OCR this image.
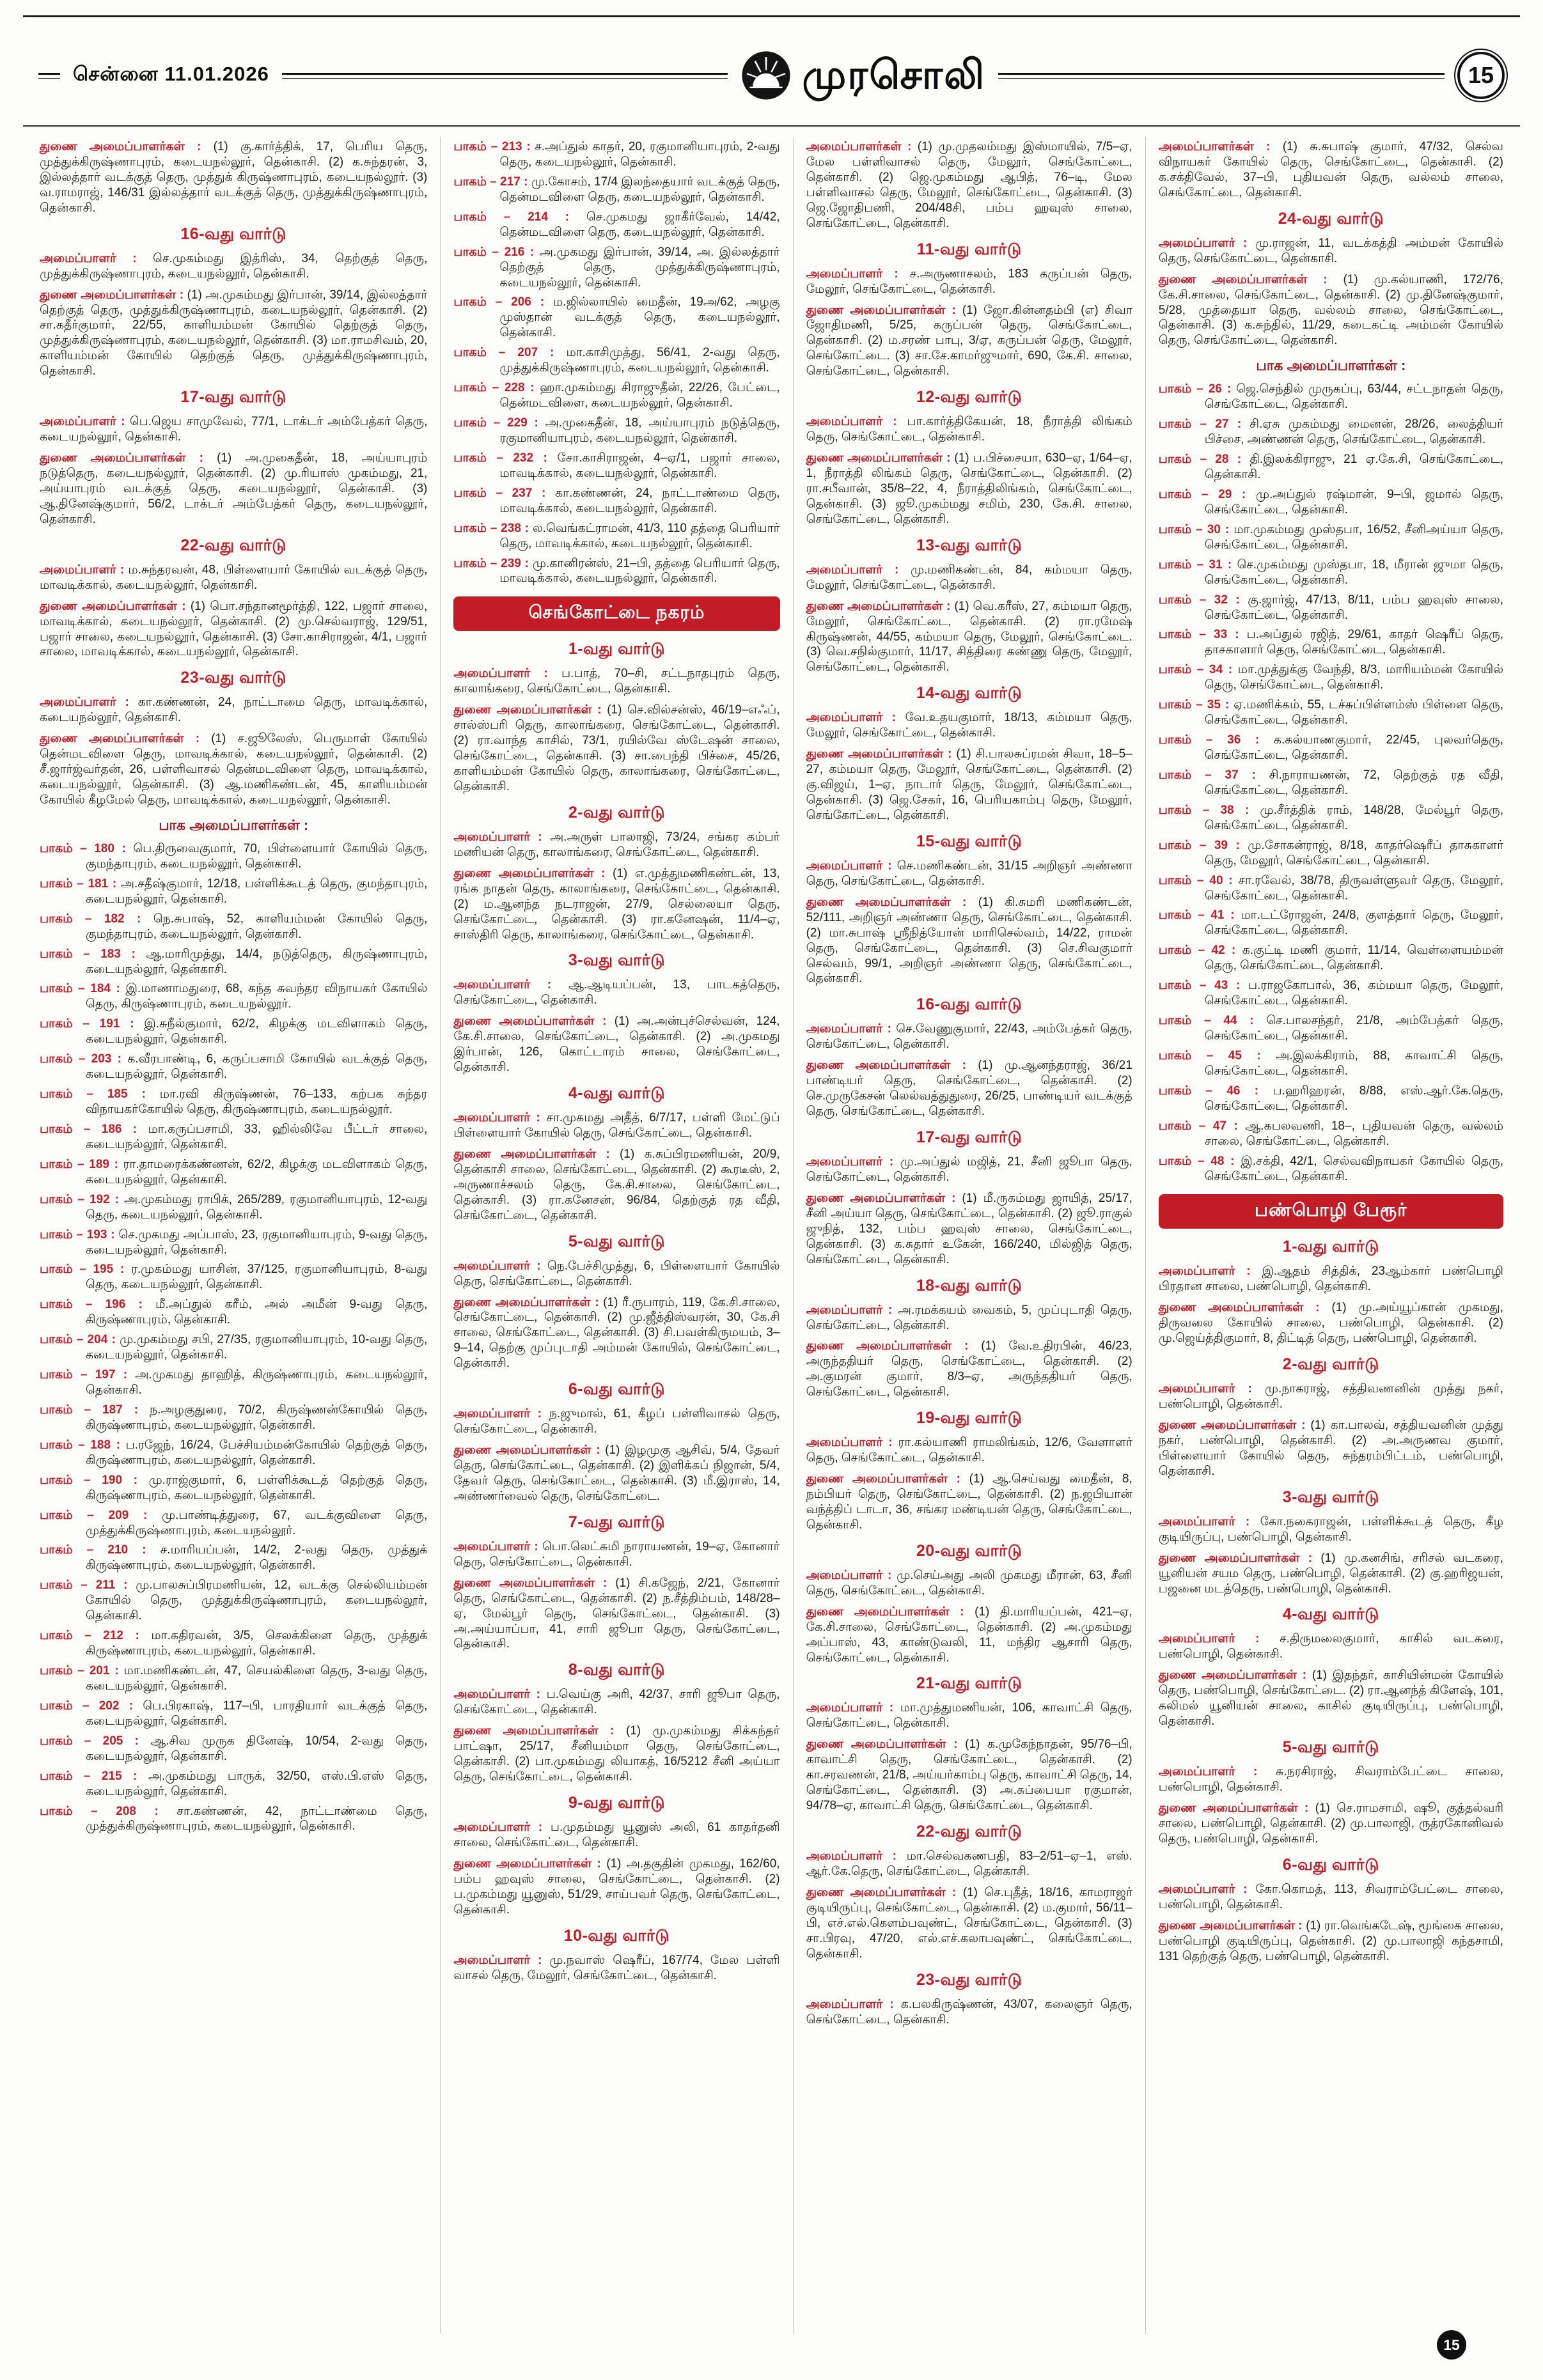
சென்னை 11.01.2026	முரசொலி	15

துணை அமைப்பாளர்கள் : (1) கு.கார்த்திக், 17, பெரிய தெரு, முத்துக்கிருஷ்ணாபுரம், கடையநல்லூர், தென்காசி. (2) க.சுந்தரன், 3, இல்லத்தார் வடக்குத் தெரு, முத்துக் கிருஷ்ணாபுரம், கடையநல்லூர். (3) வ.ராமராஜ், 146/31 இல்லத்தார் வடக்குத் தெரு, முத்துக்கிருஷ்ணாபுரம், தென்காசி.

16-வது வார்டு

அமைப்பாளர் : செ.முகம்மது இத்ரிஸ், 34, தெற்குத் தெரு, முத்துக்கிருஷ்ணாபுரம், கடையநல்லூர், தென்காசி.

துணை அமைப்பாளர்கள் : (1) அ.முகம்மது இர்பான், 39/14, இல்லத்தார் தெற்குத் தெரு, முத்துக்கிருஷ்ணாபுரம், கடையநல்லூர், தென்காசி. (2) சா.கதீர்குமார், 22/55, காளியம்மன் கோயில் தெற்குத் தெரு, முத்துக்கிருஷ்ணாபுரம், கடையநல்லூர், தென்காசி. (3) மா.ராமசிவம், 20, காளியம்மன் கோயில் தெற்குத் தெரு, முத்துக்கிருஷ்ணாபுரம், தென்காசி.

17-வது வார்டு

அமைப்பாளர் : பெ.ஜெய சாமுவேல், 77/1, டாக்டர் அம்பேத்கர் தெரு, கடையநல்லூர், தென்காசி.

துணை அமைப்பாளர்கள் : (1) அ.முகைதீன், 18, அய்யாபுரம் நடுத்தெரு, கடையநல்லூர், தென்காசி. (2) மு.ரியாஸ் முகம்மது, 21, அய்யாபுரம் வடக்குத் தெரு, கடையநல்லூர், தென்காசி. (3) ஆ.தினேஷ்குமார், 56/2, டாக்டர் அம்பேத்கர் தெரு, கடையநல்லூர், தென்காசி.

22-வது வார்டு

அமைப்பாளர் : ம.சுந்தரவன், 48, பிள்ளையார் கோயில் வடக்குத் தெரு, மாவடிக்கால், கடையநல்லூர், தென்காசி.

துணை அமைப்பாளர்கள் : (1) பொ.சந்தானமூர்த்தி, 122, பஜார் சாலை, மாவடிக்கால், கடையநல்லூர், தென்காசி. (2) மு.செல்வராஜ், 129/51, பஜார் சாலை, கடையநல்லூர், தென்காசி. (3) சோ.காசிராஜன், 4/1, பஜார் சாலை, மாவடிக்கால், கடையநல்லூர், தென்காசி.

23-வது வார்டு

அமைப்பாளர் : கா.கண்ணன், 24, நாட்டாமை தெரு, மாவடிக்கால், கடையநல்லூர், தென்காசி.

துணை அமைப்பாளர்கள் : (1) ச.ஜூலேஸ், பெருமாள் கோயில் தென்மடவிளை தெரு, மாவடிக்கால், கடையநல்லூர், தென்காசி. (2) சீ.ஜார்ஜ்வர்தன், 26, பள்ளிவாசல் தென்மடவிளை தெரு, மாவடிக்கால், கடையநல்லூர், தென்காசி. (3) ஆ.மணிகண்டன், 45, காளியம்மன் கோயில் கீழமேல் தெரு, மாவடிக்கால், கடையநல்லூர், தென்காசி.

பாக அமைப்பாளர்கள் :

பாகம் – 180 : பெ.திருவைகுமார், 70, பிள்ளையார் கோயில் தெரு, குமந்தாபுரம், கடையநல்லூர், தென்காசி.

பாகம் – 181 : அ.சதீஷ்குமார், 12/18, பள்ளிக்கூடத் தெரு, குமந்தாபுரம், கடையநல்லூர், தென்காசி.

பாகம் – 182 : நெ.சுபாஷ், 52, காளியம்மன் கோயில் தெரு, குமந்தாபுரம், கடையநல்லூர், தென்காசி.

பாகம் – 183 : ஆ.மாரிமுத்து, 14/4, நடுத்தெரு, கிருஷ்ணாபுரம், கடையநல்லூர், தென்காசி.

பாகம் – 184 : இ.மாணாமதுரை, 68, கந்த சுவந்தர விநாயகர் கோயில் தெரு, கிருஷ்ணாபுரம், கடையநல்லூர்.

பாகம் – 191 : இ.சுநீல்குமார், 62/2, கிழக்கு மடவிளாகம் தெரு, கடையநல்லூர், தென்காசி.

பாகம் – 203 : க.வீரபாண்டி, 6, கருப்பசாமி கோயில் வடக்குத் தெரு, கடையநல்லூர், தென்காசி.

பாகம் – 185 : மா.ரவி கிருஷ்ணன், 76–133, கற்பக சுந்தர விநாயகர்கோயில் தெரு, கிருஷ்ணாபுரம், கடையநல்லூர்.

பாகம் – 186 : மா.கருப்பசாமி, 33, ஹில்லிவே பீட்டர் சாலை, கடையநல்லூர், தென்காசி.

பாகம் – 189 : ரா.தாமரைக்கண்ணன், 62/2, கிழக்கு மடவிளாகம் தெரு, கடையநல்லூர், தென்காசி.

பாகம் – 192 : அ.முகம்மது ராபிக், 265/289, ரகுமானியாபுரம், 12-வது தெரு, கடையநல்லூர், தென்காசி.

பாகம் – 193 : செ.முகமது அப்பாஸ், 23, ரகுமானியாபுரம், 9-வது தெரு, கடையநல்லூர், தென்காசி.

பாகம் – 195 : ர.முகம்மது யாசின், 37/125, ரகுமானியாபுரம், 8-வது தெரு, கடையநல்லூர், தென்காசி.

பாகம் – 196 : மீ.அப்துல் கரீம், அல் அமீன் 9-வது தெரு, கிருஷ்ணாபுரம், தென்காசி.

பாகம் – 204 : மு.முகம்மது சபி, 27/35, ரகுமானியாபுரம், 10-வது தெரு, கடையநல்லூர், தென்காசி.

பாகம் – 197 : அ.முகமது தாஹித், கிருஷ்ணாபுரம், கடையநல்லூர், தென்காசி.

பாகம் – 187 : ந.அழகுதுரை, 70/2, கிருஷ்ணன்கோயில் தெரு, கிருஷ்ணாபுரம், கடையநல்லூர், தென்காசி.

பாகம் – 188 : ப.ரஜேந், 16/24, பேச்சியம்மன்கோயில் தெற்குத் தெரு, கிருஷ்ணாபுரம், கடையநல்லூர், தென்காசி.

பாகம் – 190 : மு.ராஜ்குமார், 6, பள்ளிக்கூடத் தெற்குத் தெரு, கிருஷ்ணாபுரம், கடையநல்லூர், தென்காசி.

பாகம் – 209 : மு.பாண்டித்துரை, 67, வடக்குவிளை தெரு, முத்துக்கிருஷ்ணாபுரம், கடையநல்லூர்.

பாகம் – 210 : ச.மாரியப்பன், 14/2, 2-வது தெரு, முத்துக் கிருஷ்ணாபுரம், கடையநல்லூர், தென்காசி.

பாகம் – 211 : மு.பாலசுப்பிரமணியன், 12, வடக்கு செல்லியம்மன் கோயில் தெரு, முத்துக்கிருஷ்ணாபுரம், கடையநல்லூர், தென்காசி.

பாகம் – 212 : மா.கதிரவன், 3/5, செலக்கிளை தெரு, முத்துக் கிருஷ்ணாபுரம், கடையநல்லூர், தென்காசி.

பாகம் – 201 : மா.மணிகண்டன், 47, செயல்கிளை தெரு, 3-வது தெரு, கடையநல்லூர், தென்காசி.

பாகம் – 202 : பெ.பிரகாஷ், 117–பி, பாரதியார் வடக்குத் தெரு, கடையநல்லூர், தென்காசி.

பாகம் – 205 : ஆ.சிவ முருக தினேஷ், 10/54, 2-வது தெரு, கடையநல்லூர், தென்காசி.

பாகம் – 215 : அ.முகம்மது பாருக், 32/50, எஸ்.பி.எஸ் தெரு, கடையநல்லூர், தென்காசி.

பாகம் – 208 : சா.கண்ணன், 42, நாட்டாண்மை தெரு, முத்துக்கிருஷ்ணாபுரம், கடையநல்லூர், தென்காசி.

பாகம் – 213 : ச.அப்துல் காதர், 20, ரகுமானியாபுரம், 2-வது தெரு, கடையநல்லூர், தென்காசி.

பாகம் – 217 : மு.கோசம், 17/4 இலந்தையார் வடக்குத் தெரு, தென்மடவிளை தெரு, கடையநல்லூர், தென்காசி.

பாகம் – 214 : செ.முகமது ஜாகீர்வேல், 14/42, தென்மடவிளை தெரு, கடையநல்லூர், தென்காசி.

பாகம் – 216 : அ.முகமது இர்பான், 39/14, அ. இல்லத்தார் தெற்குத் தெரு, முத்துக்கிருஷ்ணாபுரம், கடையநல்லூர், தென்காசி.

பாகம் – 206 : ம.ஜில்லாயில் மைதீன், 19அ/62, அழகு முஸ்தான் வடக்குத் தெரு, கடையநல்லூர், தென்காசி.

பாகம் – 207 : மா.காசிமுத்து, 56/41, 2-வது தெரு, முத்துக்கிருஷ்ணாபுரம், கடையநல்லூர், தென்காசி.

பாகம் – 228 : ஹா.முகம்மது சிராஜுதீன், 22/26, பேட்டை, தென்மடவிளை, கடையநல்லூர், தென்காசி.

பாகம் – 229 : அ.முகைதீன், 18, அய்யாபுரம் நடுத்தெரு, ரகுமானியாபுரம், கடையநல்லூர், தென்காசி.

பாகம் – 232 : சோ.காசிராஜன், 4–ஏ/1, பஜார் சாலை, மாவடிக்கால், கடையநல்லூர், தென்காசி.

பாகம் – 237 : கா.கண்ணன், 24, நாட்டாண்மை தெரு, மாவடிக்கால், கடையநல்லூர், தென்காசி.

பாகம் – 238 : ல.வெங்கட்ராமன், 41/3, 110 தத்தை பெரியார் தெரு, மாவடிக்கால், கடையநல்லூர், தென்காசி.

பாகம் – 239 : மு.கானிரன்ஸ், 21–பி, தத்தை பெரியார் தெரு, மாவடிக்கால், கடையநல்லூர், தென்காசி.

செங்கோட்டை நகரம்
1-வது வார்டு

அமைப்பாளர் : ப.பாத், 70–சி, சட்டநாதபுரம் தெரு, காலாங்கரை, செங்கோட்டை, தென்காசி.

துணை அமைப்பாளர்கள் : (1) செ.வில்சன்ஸ், 46/19–எஃப், சால்ஸ்பரி தெரு, காலாங்கரை, செங்கோட்டை, தென்காசி. (2) ரா.வாந்த காசில், 73/1, ரயில்வே ஸ்டேஷன் சாலை, செங்கோட்டை, தென்காசி. (3) சா.பைந்தி பிச்சை, 45/26, காளியம்மன் கோயில் தெரு, காலாங்கரை, செங்கோட்டை, தென்காசி.

2-வது வார்டு

அமைப்பாளர் : அ.அருள் பாலாஜி, 73/24, சங்கர கம்பர் மணியன் தெரு, காலாங்கரை, செங்கோட்டை, தென்காசி.

துணை அமைப்பாளர்கள் : (1) எ.முத்துமணிகண்டன், 13, ரங்க நாதன் தெரு, காலாங்கரை, செங்கோட்டை, தென்காசி. (2) ம.ஆனந்த நடராஜன், 27/9, செல்லையா தெரு, செங்கோட்டை, தென்காசி. (3) ரா.கனேஷன், 11/4–ஏ, சாஸ்திரி தெரு, காலாங்கரை, செங்கோட்டை, தென்காசி.

3-வது வார்டு

அமைப்பாளர் : ஆ.ஆடியப்பன், 13, பாடகத்தெரு, செங்கோட்டை, தென்காசி.

துணை அமைப்பாளர்கள் : (1) அ.அன்புச்செல்வன், 124, கே.சி.சாலை, செங்கோட்டை, தென்காசி. (2) அ.முகமது இர்பான், 126, கொட்டாரம் சாலை, செங்கோட்டை, தென்காசி.

4-வது வார்டு

அமைப்பாளர் : சா.முகமது அதீத், 6/7/17, பள்ளி மேட்டுப் பிள்ளையார் கோயில் தெரு, செங்கோட்டை, தென்காசி.

துணை அமைப்பாளர்கள் : (1) க.சுப்பிரமணியன், 20/9, தென்காசி சாலை, செங்கோட்டை, தென்காசி. (2) கூரடீஸ், 2, அருணாச்சலம் தெரு, கே.சி.சாலை, செங்கோட்டை, தென்காசி. (3) ரா.கனேசன், 96/84, தெற்குத் ரத வீதி, செங்கோட்டை, தென்காசி.

5-வது வார்டு

அமைப்பாளர் : நெ.பேச்சிமுத்து, 6, பிள்ளையார் கோயில் தெரு, செங்கோட்டை, தென்காசி.

துணை அமைப்பாளர்கள் : (1) ரீ.ருபாரம், 119, கே.சி.சாலை, செங்கோட்டை, தென்காசி. (2) மு.ஜீத்திஸ்வரன், 30, கே.சி சாலை, செங்கோட்டை, தென்காசி. (3) சி.பவள்கிருமயம், 3–9–14, தெற்கு முப்புடாதி அம்மன் கோயில், செங்கோட்டை, தென்காசி.

6-வது வார்டு

அமைப்பாளர் : ந.ஜுமால், 61, கீழப் பள்ளிவாசல் தெரு, செங்கோட்டை, தென்காசி.

துணை அமைப்பாளர்கள் : (1) இழமுகு ஆசிவ், 5/4, தேவர் தெரு, செங்கோட்டை, தென்காசி. (2) இளிக்கப் நிஜான், 5/4, தேவர் தெரு, செங்கோட்டை, தென்காசி. (3) மீ.இராஸ், 14, அண்ணர்வைல் தெரு, செங்கோட்டை.

7-வது வார்டு

அமைப்பாளர் : பொ.லெட்சுமி நாராயணன், 19–ஏ, கோனார் தெரு, செங்கோட்டை, தென்காசி.

துணை அமைப்பாளர்கள் : (1) சி.கஜேந், 2/21, கோனார் தெரு, செங்கோட்டை, தென்காசி. (2) ந.சீத்திம்பம், 148/28–ஏ, மேல்பூர் தெரு, செங்கோட்டை, தென்காசி. (3) அ.அய்யாப்பா, 41, சாரி ஜூபா தெரு, செங்கோட்டை, தென்காசி.

8-வது வார்டு

அமைப்பாளர் : ப.வெய்கு அரி, 42/37, சாரி ஜூபா தெரு, செங்கோட்டை, தென்காசி.

துணை அமைப்பாளர்கள் : (1) மு.முகம்மது சிக்கந்தர் பாட்ஷா, 25/17, சீனியம்மா தெரு, செங்கோட்டை, தென்காசி. (2) பா.முகம்மது லியாகத், 16/5212 சீனி அய்யா தெரு, செங்கோட்டை, தென்காசி.

9-வது வார்டு

அமைப்பாளர் : ப.முதம்மது யூனுஸ் அலி, 61 காதர்தனி சாலை, செங்கோட்டை, தென்காசி.

துணை அமைப்பாளர்கள் : (1) அ.தகுதின் முகமது, 162/60, பம்ப ஹவுஸ் சாலை, செங்கோட்டை, தென்காசி. (2) ப.முகம்மது யூனுஸ், 51/29, சாய்பவர் தெரு, செங்கோட்டை, தென்காசி.

10-வது வார்டு

அமைப்பாளர் : மு.நவாஸ் ஷெரீப், 167/74, மேல பள்ளி வாசல் தெரு, மேலூர், செங்கோட்டை, தென்காசி.

அமைப்பாளர்கள் : (1) மு.முதலம்மது இஸ்மாயில், 7/5–ஏ, மேல பள்ளிவாசல் தெரு, மேலூர், செங்கோட்டை, தென்காசி. (2) ஜெ.முகம்மது ஆபித், 76–டி, மேல பள்ளிவாசல் தெரு, மேலூர், செங்கோட்டை, தென்காசி. (3) ஜெ.ஜோதிபணி, 204/48சி, பம்ப ஹவுஸ் சாலை, செங்கோட்டை, தென்காசி.

11-வது வார்டு

அமைப்பாளர் : ச.அருணாசலம், 183 கருப்பன் தெரு, மேலூர், செங்கோட்டை, தென்காசி.

துணை அமைப்பாளர்கள் : (1) ஜோ.கின்னதம்பி (எ) சிவா ஜோதிமணி, 5/25, கருப்பன் தெரு, செங்கோட்டை, தென்காசி. (2) ம.சரண் பாபு, 3/ஏ, கருப்பன் தெரு, மேலூர், செங்கோட்டை. (3) சா.சே.காமர்ஜுமார், 690, கே.சி. சாலை, செங்கோட்டை, தென்காசி.

12-வது வார்டு

அமைப்பாளர் : பா.கார்த்திகேயன், 18, நீராத்தி லிங்கம் தெரு, செங்கோட்டை, தென்காசி.

துணை அமைப்பாளர்கள் : (1) ப.பிச்சையா, 630–ஏ, 1/64–ஏ, 1, நீராத்தி லிங்கம் தெரு, செங்கோட்டை, தென்காசி. (2) ரா.சபீவான், 35/8–22, 4, நீராத்திலிங்கம், செங்கோட்டை, தென்காசி. (3) ஜூ.முகம்மது சமிம், 230, கே.சி. சாலை, செங்கோட்டை, தென்காசி.

13-வது வார்டு

அமைப்பாளர் : மு.மணிகண்டன், 84, கம்மயா தெரு, மேலூர், செங்கோட்டை, தென்காசி.

துணை அமைப்பாளர்கள் : (1) வெ.கரீஸ், 27, கம்மயா தெரு, மேலூர், செங்கோட்டை, தென்காசி. (2) ரா.ரமேஷ் கிருஷ்ணன், 44/55, கம்மயா தெரு, மேலூர், செங்கோட்டை. (3) வெ.சநில்குமார், 11/17, சித்திரை கண்ணு தெரு, மேலூர், செங்கோட்டை, தென்காசி.

14-வது வார்டு

அமைப்பாளர் : வே.உதயகுமார், 18/13, கம்மயா தெரு, மேலூர், செங்கோட்டை, தென்காசி.

துணை அமைப்பாளர்கள் : (1) சி.பாலசுப்ரமன் சிவா, 18–5–27, கம்மயா தெரு, மேலூர், செங்கோட்டை, தென்காசி. (2) கு.விஜய், 1–ஏ, நாடார் தெரு, மேலூர், செங்கோட்டை, தென்காசி. (3) ஜெ.சேகர், 16, பெரியகாம்பு தெரு, மேலூர், செங்கோட்டை, தென்காசி.

15-வது வார்டு

அமைப்பாளர் : செ.மணிகண்டன், 31/15 அறிஞர் அண்ணா தெரு, செங்கோட்டை, தென்காசி.

துணை அமைப்பாளர்கள் : (1) கி.சுமரி மணிகண்டன், 52/111, அறிஞர் அண்ணா தெரு, செங்கோட்டை, தென்காசி. (2) மா.சுபாஷ் ஸ்ரீநித்யோன் மாரிசெல்வம், 14/22, ராமன் தெரு, செங்கோட்டை, தென்காசி. (3) செ.சிவகுமார் செல்வம், 99/1, அறிஞர் அண்ணா தெரு, செங்கோட்டை, தென்காசி.

16-வது வார்டு

அமைப்பாளர் : செ.வேணுகுமார், 22/43, அம்பேத்கர் தெரு, செங்கோட்டை, தென்காசி.

துணை அமைப்பாளர்கள் : (1) மு.ஆனந்தராஜ், 36/21 பாண்டியர் தெரு, செங்கோட்டை, தென்காசி. (2) செ.முருகேசன் லெல்வத்துதுரை, 26/25, பாண்டியர் வடக்குத் தெரு, செங்கோட்டை, தென்காசி.

17-வது வார்டு

அமைப்பாளர் : மு.அப்துல் மஜித், 21, சீனி ஜூபா தெரு, செங்கோட்டை, தென்காசி.

துணை அமைப்பாளர்கள் : (1) மீ.ருகம்மது ஜாயித், 25/17, சீனி அய்யா தெரு, செங்கோட்டை, தென்காசி. (2) ஜூ.ராகுல் ஜுநித், 132, பம்ப ஹவுஸ் சாலை, செங்கோட்டை, தென்காசி. (3) க.சுதார் உகேன், 166/240, மில்ஜித் தெரு, செங்கோட்டை, தென்காசி.

18-வது வார்டு

அமைப்பாளர் : அ.ரமக்கயம் வைகம், 5, முப்புடாதி தெரு, செங்கோட்டை, தென்காசி.

துணை அமைப்பாளர்கள் : (1) வே.உதிரபின், 46/23, அருந்ததியர் தெரு, செங்கோட்டை, தென்காசி. (2) அ.குமரன் குமார், 8/3–ஏ, அருந்ததியர் தெரு, செங்கோட்டை, தென்காசி.

19-வது வார்டு

அமைப்பாளர் : ரா.கல்யாணி ராமலிங்கம், 12/6, வேளாளர் தெரு, செங்கோட்டை, தென்காசி.

துணை அமைப்பாளர்கள் : (1) ஆ.செய்வது மைதீன், 8, நம்பியர் தெரு, செங்கோட்டை, தென்காசி. (2) ந.ஜபியான் வந்த்திப் டாடா, 36, சங்கர மண்டியன் தெரு, செங்கோட்டை, தென்காசி.

20-வது வார்டு

அமைப்பாளர் : மு.செய்அது அலி முகமது மீரான், 63, சீனி தெரு, செங்கோட்டை, தென்காசி.

துணை அமைப்பாளர்கள் : (1) தி.மாரியப்பன், 421–ஏ, கே.சி.சாலை, செங்கோட்டை, தென்காசி. (2) அ.முகம்மது அப்பாஸ், 43, காண்டுவலி, 11, மந்திர ஆசாரி தெரு, செங்கோட்டை, தென்காசி.

21-வது வார்டு

அமைப்பாளர் : மா.முத்துமணியன், 106, காவாட்சி தெரு, செங்கோட்டை, தென்காசி.

துணை அமைப்பாளர்கள் : (1) க.முகேந்நாதன், 95/76–பி, காவாட்சி தெரு, செங்கோட்டை, தென்காசி. (2) கா.சரவணன், 21/8, அய்யர்காம்பு தெரு, காவாட்சி தெரு, 14, செங்கோட்டை, தென்காசி. (3) அ.சுப்பையா ரகுமான், 94/78–ஏ, காவாட்சி தெரு, செங்கோட்டை, தென்காசி.

22-வது வார்டு

அமைப்பாளர் : மா.செல்வகணபதி, 83–2/51–ஏ–1, எஸ். ஆர்.கே.தெரு, செங்கோட்டை, தென்காசி.

துணை அமைப்பாளர்கள் : (1) செ.புதீத், 18/16, காமராஜர் குடியிருப்பு, செங்கோட்டை, தென்காசி. (2) ம.குமார், 56/11–பி, எச்.எல்.கௌம்பவுண்ட், செங்கோட்டை, தென்காசி. (3) சா.பிரவு, 47/20, எல்.எச்.கலாபவுண்ட், செங்கோட்டை, தென்காசி.

23-வது வார்டு

அமைப்பாளர் : க.பலகிருஷ்ணன், 43/07, கலைஞர் தெரு, செங்கோட்டை, தென்காசி.

அமைப்பாளர்கள் : (1) சு.சுபாஷ் குமார், 47/32, செல்வ விநாயகர் கோயில் தெரு, செங்கோட்டை, தென்காசி. (2) க.சக்திவேல், 37–பி, புதியவன் தெரு, வல்லம் சாலை, செங்கோட்டை, தென்காசி.

24-வது வார்டு

அமைப்பாளர் : மு.ராஜன், 11, வடக்கத்தி அம்மன் கோயில் தெரு, செங்கோட்டை, தென்காசி.

துணை அமைப்பாளர்கள் : (1) மு.கல்யாணி, 172/76, கே.சி.சாலை, செங்கோட்டை, தென்காசி. (2) மு.தினேஷ்குமார், 5/28, முத்தையா தெரு, வல்லம் சாலை, செங்கோட்டை, தென்காசி. (3) க.சுந்தில், 11/29, கடைகட்டி அம்மன் கோயில் தெரு, செங்கோட்டை, தென்காசி.

பாக அமைப்பாளர்கள் :

பாகம் – 26 : ஜெ.செந்தில் முருகப்பு, 63/44, சட்டநாதன் தெரு, செங்கோட்டை, தென்காசி.

பாகம் – 27 : சி.ஏசு முகம்மது மைனன், 28/26, லைத்தியர் பிச்சை, அண்ணன் தெரு, செங்கோட்டை, தென்காசி.

பாகம் – 28 : தி.இலக்கிராஜு, 21 ஏ.கே.சி, செங்கோட்டை, தென்காசி.

பாகம் – 29 : மு.அப்துல் ரஷ்மான், 9–பி, ஜமால் தெரு, செங்கோட்டை, தென்காசி.

பாகம் – 30 : மா.முகம்மது முஸ்தபா, 16/52, சீனிஅய்யா தெரு, செங்கோட்டை, தென்காசி.

பாகம் – 31 : செ.முகம்மது முஸ்தபா, 18, மீரான் ஜுமா தெரு, செங்கோட்டை, தென்காசி.

பாகம் – 32 : கு.ஜார்ஜ், 47/13, 8/11, பம்ப ஹவுஸ் சாலை, செங்கோட்டை, தென்காசி.

பாகம் – 33 : ப.அப்துல் ரஜித், 29/61, காதர் ஷெரீப் தெரு, தாசகாளார் தெரு, செங்கோட்டை, தென்காசி.

பாகம் – 34 : மா.முத்துக்கு வேந்தி, 8/3, மாரியம்மன் கோயில் தெரு, செங்கோட்டை, தென்காசி.

பாகம் – 35 : ஏ.மணிக்கம், 55, டச்சுப்பிள்ளம்ஸ் பிள்ளை தெரு, செங்கோட்டை, தென்காசி.

பாகம் – 36 : க.கல்யாணகுமார், 22/45, புலவர்தெரு, செங்கோட்டை, தென்காசி.

பாகம் – 37 : சி.நாராயணன், 72, தெற்குத் ரத வீதி, செங்கோட்டை, தென்காசி.

பாகம் – 38 : மு.சீர்த்திக் ராம், 148/28, மேல்பூர் தெரு, செங்கோட்டை, தென்காசி.

பாகம் – 39 : மு.சோகன்ராஜ், 8/18, காதர்ஷெரீப் தாசுகாளர் தெரு, மேலூர், செங்கோட்டை, தென்காசி.

பாகம் – 40 : சா.ரவேல், 38/78, திருவள்ளுவர் தெரு, மேலூர், செங்கோட்டை, தென்காசி.

பாகம் – 41 : மா.டட்ரோஜன், 24/8, குளத்தார் தெரு, மேலூர், செங்கோட்டை, தென்காசி.

பாகம் – 42 : க.குட்டி மணி குமார், 11/14, வெள்ளையம்மன் தெரு, செங்கோட்டை, தென்காசி.

பாகம் – 43 : ப.ராஜகோபால், 36, கம்மயா தெரு, மேலூர், செங்கோட்டை, தென்காசி.

பாகம் – 44 : செ.பாலசந்தர், 21/8, அம்பேத்கர் தெரு, செங்கோட்டை, தென்காசி.

பாகம் – 45 : அ.இலக்கிராம், 88, காவாட்சி தெரு, செங்கோட்டை, தென்காசி.

பாகம் – 46 : ப.ஹரிஹரன், 8/88, எஸ்.ஆர்.கே.தெரு, செங்கோட்டை, தென்காசி.

பாகம் – 47 : ஆ.கபலவணி, 18–, புதியவன் தெரு, வல்லம் சாலை, செங்கோட்டை, தென்காசி.

பாகம் – 48 : இ.சக்தி, 42/1, செல்வவிநாயகர் கோயில் தெரு, செங்கோட்டை, தென்காசி.

பண்பொழி பேரூர்
1-வது வார்டு

அமைப்பாளர் : இ.ஆதம் சித்திக், 23ஆம்கார் பண்பொழி பிரதான சாலை, பண்பொழி, தென்காசி.

துணை அமைப்பாளர்கள் : (1) மு.அய்யூப்கான் முகமது, திருவலை கோயில் சாலை, பண்பொழி, தென்காசி. (2) மு.ஜெய்த்திகுமார், 8, திட்டித் தெரு, பண்பொழி, தென்காசி.

2-வது வார்டு

அமைப்பாளர் : மு.நாகராஜ், சத்திவணனின் முத்து நகர், பண்பொழி, தென்காசி.

துணை அமைப்பாளர்கள் : (1) கா.பாலவ், சத்தியவனின் முத்து நகர், பண்பொழி, தென்காசி. (2) அ.அருணவ குமார், பிள்ளையார் கோயில் தெரு, சுந்தரம்பிட்டம், பண்பொழி, தென்காசி.

3-வது வார்டு

அமைப்பாளர் : கோ.நகைராஜன், பள்ளிக்கூடத் தெரு, கீழ குடியிருப்பு, பண்பொழி, தென்காசி.

துணை அமைப்பாளர்கள் : (1) மு.கனசிங், சரிசல் வடகரை, யூனியன் சயம தெரு, பண்பொழி, தென்காசி. (2) கு.ஹரிஜயன், பஜனை மடத்தெரு, பண்பொழி, தென்காசி.

4-வது வார்டு

அமைப்பாளர் : ச.திருமலைகுமார், காசில் வடகரை, பண்பொழி, தென்காசி.

துணை அமைப்பாளர்கள் : (1) இதந்தர், காசியின்மன் கோயில் தெரு, பண்பொழி, செங்கோட்டை. (2) ரா.ஆனந்த் கிளேஷ், 101, கலிமல் யூனியன் சாலை, காசில் குடியிருப்பு, பண்பொழி, தென்காசி.

5-வது வார்டு

அமைப்பாளர் : சு.நரசிராஜ், சிவராம்பேட்டை சாலை, பண்பொழி, தென்காசி.

துணை அமைப்பாளர்கள் : (1) செ.ராமசாமி, ஷூ, குத்தல்வரி சாலை, பண்பொழி, தென்காசி. (2) மு.பாலாஜி, ருத்ரகோனிவல் தெரு, பண்பொழி, தென்காசி.

6-வது வார்டு

அமைப்பாளர் : கோ.கொமத், 113, சிவராம்பேட்டை சாலை, பண்பொழி, தென்காசி.

துணை அமைப்பாளர்கள் : (1) ரா.வெங்கடேஷ், மூங்கை சாலை, பண்பொழி குடியிருப்பு, தென்காசி. (2) மு.பாலாஜி கந்தசாமி, 131 தெற்குத் தெரு, பண்பொழி, தென்காசி.

15
